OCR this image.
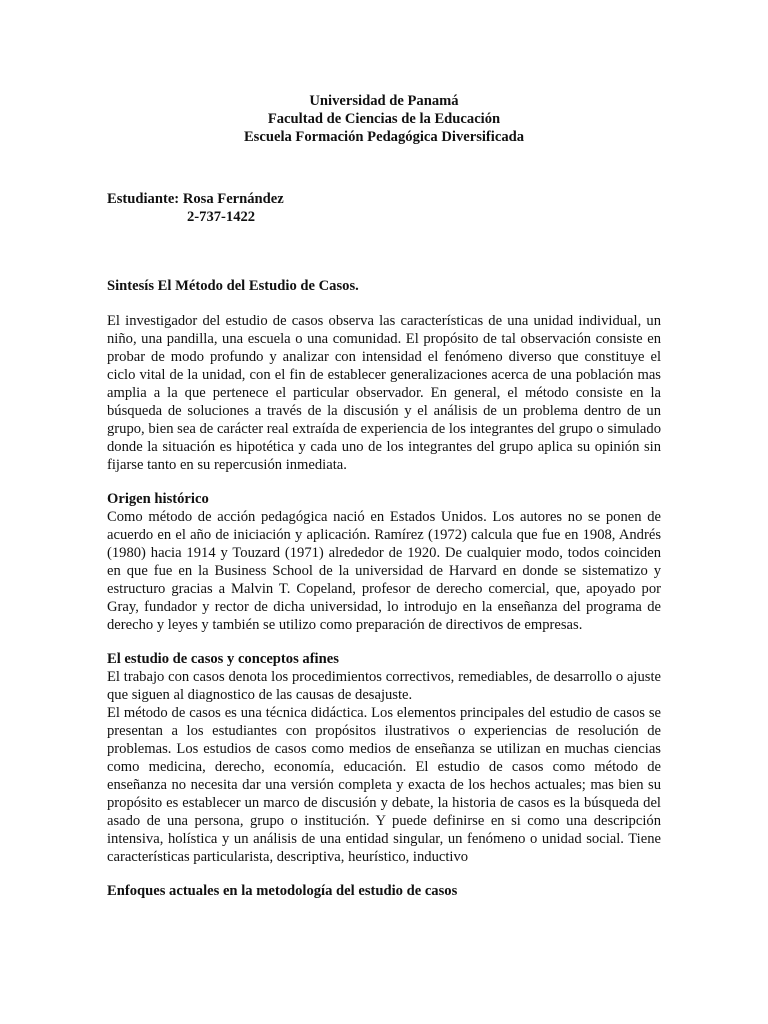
Universidad de Panamá
Facultad de Ciencias de la Educación
Escuela Formación Pedagógica Diversificada
Estudiante: Rosa Fernández
2-737-1422
Sintesís El Método del Estudio de Casos.

El investigador del estudio de casos observa las características de una unidad individual, un niño, una pandilla, una escuela o una comunidad. El propósito de tal observación consiste en probar de modo profundo y analizar con intensidad el fenómeno diverso que constituye el ciclo vital de la unidad, con el fin de establecer generalizaciones acerca de una población mas amplia a la que pertenece el particular observador. En general, el método consiste en la búsqueda de soluciones a través de la discusión y el análisis de un problema dentro de un grupo, bien sea de carácter real extraída de experiencia de los integrantes del grupo o simulado donde la situación es hipotética y cada uno de los integrantes del grupo aplica su opinión sin fijarse tanto en su repercusión inmediata.

Origen histórico

Como método de acción pedagógica nació en Estados Unidos. Los autores no se ponen de acuerdo en el año de iniciación y aplicación. Ramírez (1972) calcula que fue en 1908, Andrés (1980) hacia 1914 y Touzard (1971) alrededor de 1920. De cualquier modo, todos coinciden en que fue en la Business School de la universidad de Harvard en donde se sistematizo y estructuro gracias a Malvin T. Copeland, profesor de derecho comercial, que, apoyado por Gray, fundador y rector de dicha universidad, lo introdujo en la enseñanza del programa de derecho y leyes y también se utilizo como preparación de directivos de empresas.

El estudio de casos y conceptos afines

El trabajo con casos denota los procedimientos correctivos, remediables, de desarrollo o ajuste que siguen al diagnostico de las causas de desajuste.

El método de casos es una técnica didáctica. Los elementos principales del estudio de casos se presentan a los estudiantes con propósitos ilustrativos o experiencias de resolución de problemas. Los estudios de casos como medios de enseñanza se utilizan en muchas ciencias como medicina, derecho, economía, educación. El estudio de casos como método de enseñanza no necesita dar una versión completa y exacta de los hechos actuales; mas bien su propósito es establecer un marco de discusión y debate, la historia de casos es la búsqueda del asado de una persona, grupo o institución. Y puede definirse en si como una descripción intensiva, holística y un análisis de una entidad singular, un fenómeno o unidad social. Tiene características particularista, descriptiva, heurístico, inductivo

Enfoques actuales en la metodología del estudio de casos
